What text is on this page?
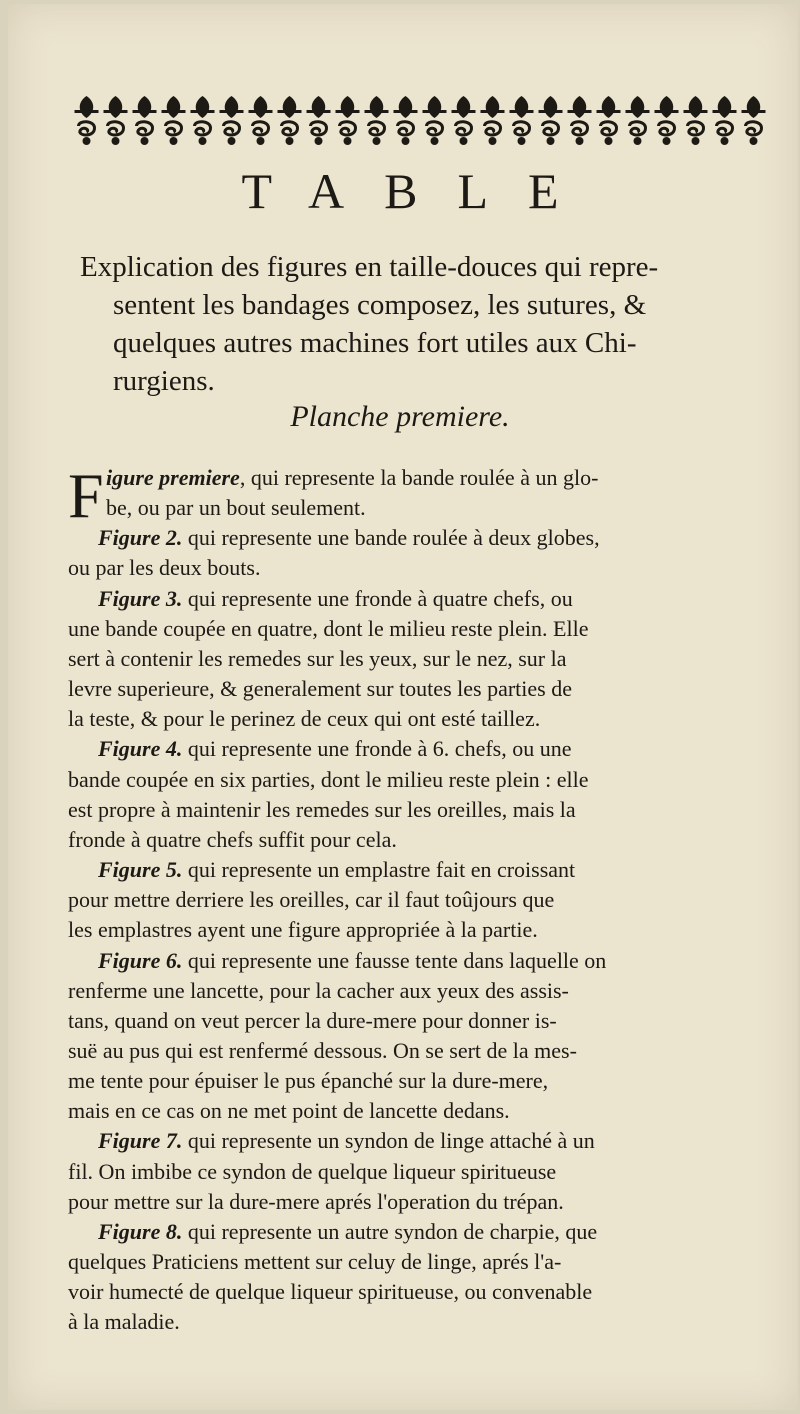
TABLE
Explication des figures en taille-douces qui repre-
sentent les bandages composez, les sutures, &
quelques autres machines fort utiles aux Chi-
rurgiens.
Planche premiere.
F igure premiere, qui represente la bande roulée à un glo-
be, ou par un bout seulement.
Figure 2. qui represente une bande roulée à deux globes,
ou par les deux bouts.
Figure 3. qui represente une fronde à quatre chefs, ou
une bande coupée en quatre, dont le milieu reste plein. Elle
sert à contenir les remedes sur les yeux, sur le nez, sur la
levre superieure, & generalement sur toutes les parties de
la teste, & pour le perinez de ceux qui ont esté taillez.
Figure 4. qui represente une fronde à 6. chefs, ou une
bande coupée en six parties, dont le milieu reste plein : elle
est propre à maintenir les remedes sur les oreilles, mais la
fronde à quatre chefs suffit pour cela.
Figure 5. qui represente un emplastre fait en croissant
pour mettre derriere les oreilles, car il faut toûjours que
les emplastres ayent une figure appropriée à la partie.
Figure 6. qui represente une fausse tente dans laquelle on
renferme une lancette, pour la cacher aux yeux des assis-
tans, quand on veut percer la dure-mere pour donner is-
suë au pus qui est renfermé dessous. On se sert de la mes-
me tente pour épuiser le pus épanché sur la dure-mere,
mais en ce cas on ne met point de lancette dedans.
Figure 7. qui represente un syndon de linge attaché à un
fil. On imbibe ce syndon de quelque liqueur spiritueuse
pour mettre sur la dure-mere aprés l'operation du trépan.
Figure 8. qui represente un autre syndon de charpie, que
quelques Praticiens mettent sur celuy de linge, aprés l'a-
voir humecté de quelque liqueur spiritueuse, ou convenable
à la maladie.
